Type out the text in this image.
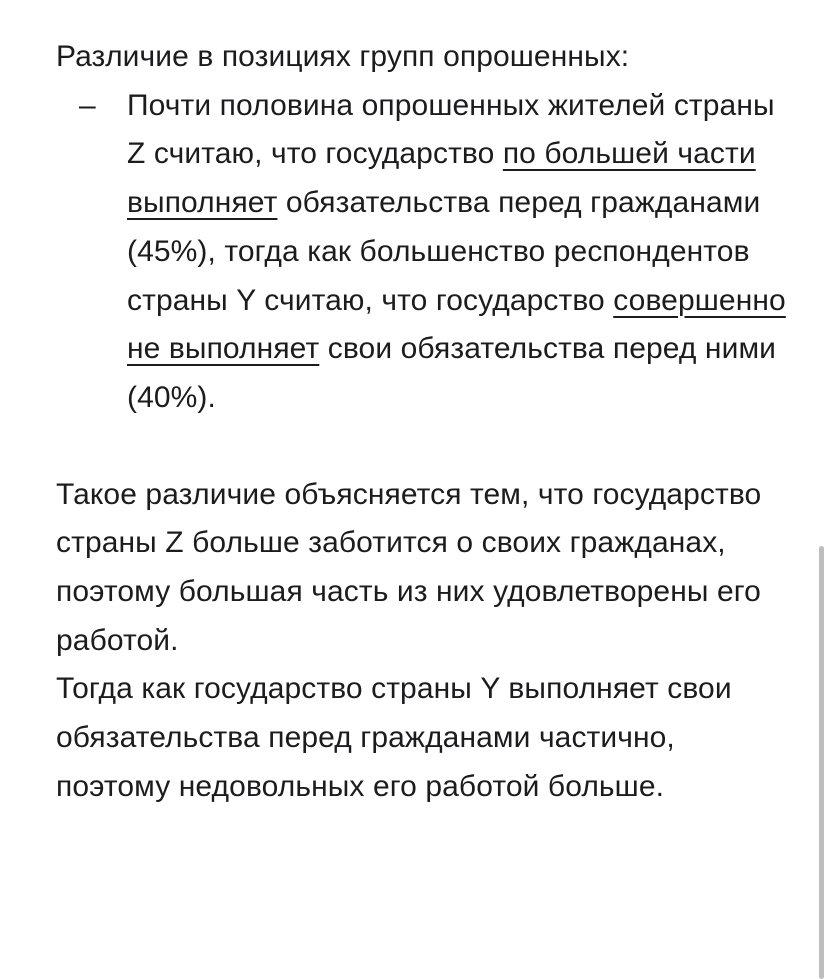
Различие в позициях групп опрошенных:

– Почти половина опрошенных жителей страны Z считаю, что государство по большей части выполняет обязательства перед гражданами (45%), тогда как большенство респондентов страны Y считаю, что государство совершенно не выполняет свои обязательства перед ними (40%).

Такое различие объясняется тем, что государство страны Z больше заботится о своих гражданах, поэтому большая часть из них удовлетворены его работой.

Тогда как государство страны Y выполняет свои обязательства перед гражданами частично, поэтому недовольных его работой больше.
